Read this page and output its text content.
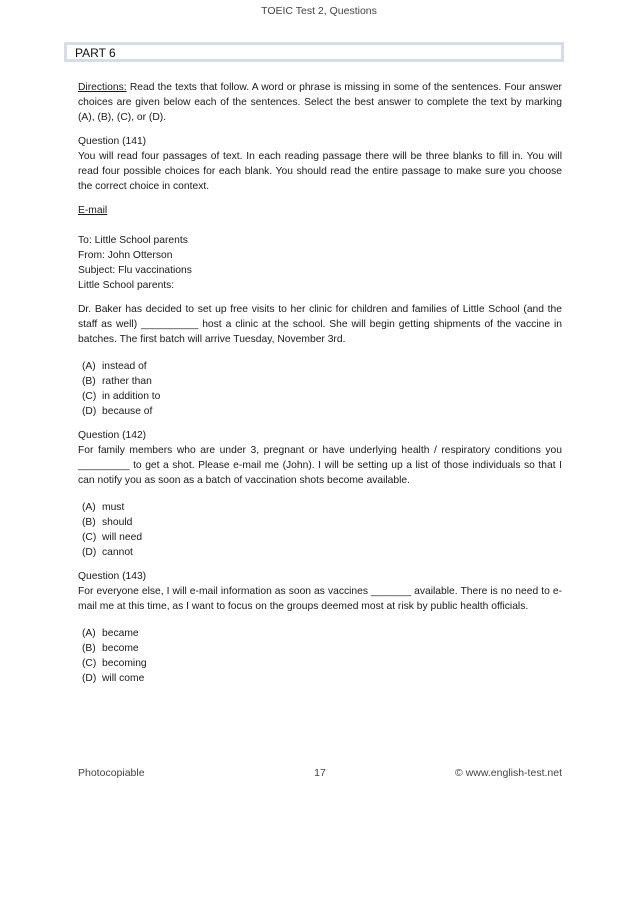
TOEIC Test 2, Questions
PART 6

Directions: Read the texts that follow. A word or phrase is missing in some of the sentences. Four answer choices are given below each of the sentences. Select the best answer to complete the text by marking (A), (B), (C), or (D).

Question (141)

You will read four passages of text. In each reading passage there will be three blanks to fill in. You will read four possible choices for each blank. You should read the entire passage to make sure you choose the correct choice in context.

E-mail

To: Little School parents
From: John Otterson
Subject: Flu vaccinations
Little School parents:

Dr. Baker has decided to set up free visits to her clinic for children and families of Little School (and the staff as well) __________ host a clinic at the school. She will begin getting shipments of the vaccine in batches. The first batch will arrive Tuesday, November 3rd.

(A) instead of
(B) rather than
(C) in addition to
(D) because of

Question (142)

For family members who are under 3, pregnant or have underlying health / respiratory conditions you _________ to get a shot. Please e-mail me (John). I will be setting up a list of those individuals so that I can notify you as soon as a batch of vaccination shots become available.

(A) must
(B) should
(C) will need
(D) cannot

Question (143)

For everyone else, I will e-mail information as soon as vaccines _______ available. There is no need to e-mail me at this time, as I want to focus on the groups deemed most at risk by public health officials.

(A) became
(B) become
(C) becoming
(D) will come
Photocopiable	17	© www.english-test.net
